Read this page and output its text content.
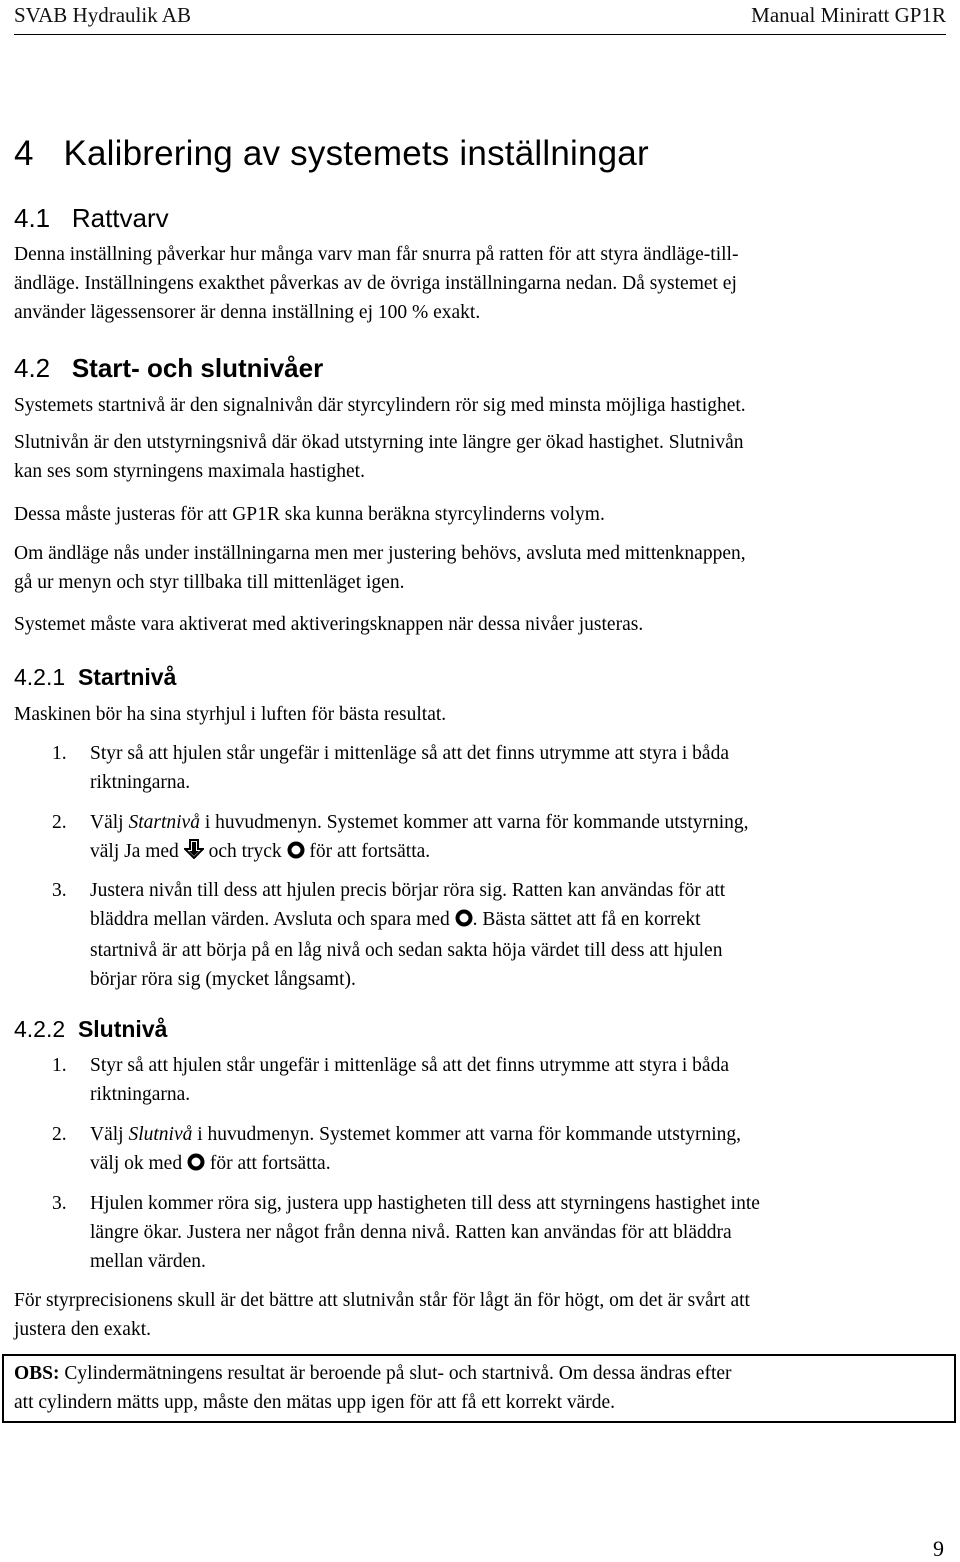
SVAB Hydraulik AB	Manual Miniratt GP1R
4 Kalibrering av systemets inställningar
4.1 Rattvarv
Denna inställning påverkar hur många varv man får snurra på ratten för att styra ändläge-till-
ändläge. Inställningens exakthet påverkas av de övriga inställningarna nedan. Då systemet ej
använder lägessensorer är denna inställning ej 100 % exakt.
4.2 Start- och slutnivåer
Systemets startnivå är den signalnivån där styrcylindern rör sig med minsta möjliga hastighet.
Slutnivån är den utstyrningsnivå där ökad utstyrning inte längre ger ökad hastighet. Slutnivån
kan ses som styrningens maximala hastighet.
Dessa måste justeras för att GP1R ska kunna beräkna styrcylinderns volym.
Om ändläge nås under inställningarna men mer justering behövs, avsluta med mittenknappen,
gå ur menyn och styr tillbaka till mittenläget igen.
Systemet måste vara aktiverat med aktiveringsknappen när dessa nivåer justeras.
4.2.1 Startnivå
Maskinen bör ha sina styrhjul i luften för bästa resultat.
1. Styr så att hjulen står ungefär i mittenläge så att det finns utrymme att styra i båda
riktningarna.
2. Välj Startnivå i huvudmenyn. Systemet kommer att varna för kommande utstyrning,
välj Ja med  och tryck  för att fortsätta.
3. Justera nivån till dess att hjulen precis börjar röra sig. Ratten kan användas för att
bläddra mellan värden. Avsluta och spara med . Bästa sättet att få en korrekt
startnivå är att börja på en låg nivå och sedan sakta höja värdet till dess att hjulen
börjar röra sig (mycket långsamt).
4.2.2 Slutnivå
1. Styr så att hjulen står ungefär i mittenläge så att det finns utrymme att styra i båda
riktningarna.
2. Välj Slutnivå i huvudmenyn. Systemet kommer att varna för kommande utstyrning,
välj ok med  för att fortsätta.
3. Hjulen kommer röra sig, justera upp hastigheten till dess att styrningens hastighet inte
längre ökar. Justera ner något från denna nivå. Ratten kan användas för att bläddra
mellan värden.
För styrprecisionens skull är det bättre att slutnivån står för lågt än för högt, om det är svårt att
justera den exakt.
OBS: Cylindermätningens resultat är beroende på slut- och startnivå. Om dessa ändras efter
att cylindern mätts upp, måste den mätas upp igen för att få ett korrekt värde.
9
